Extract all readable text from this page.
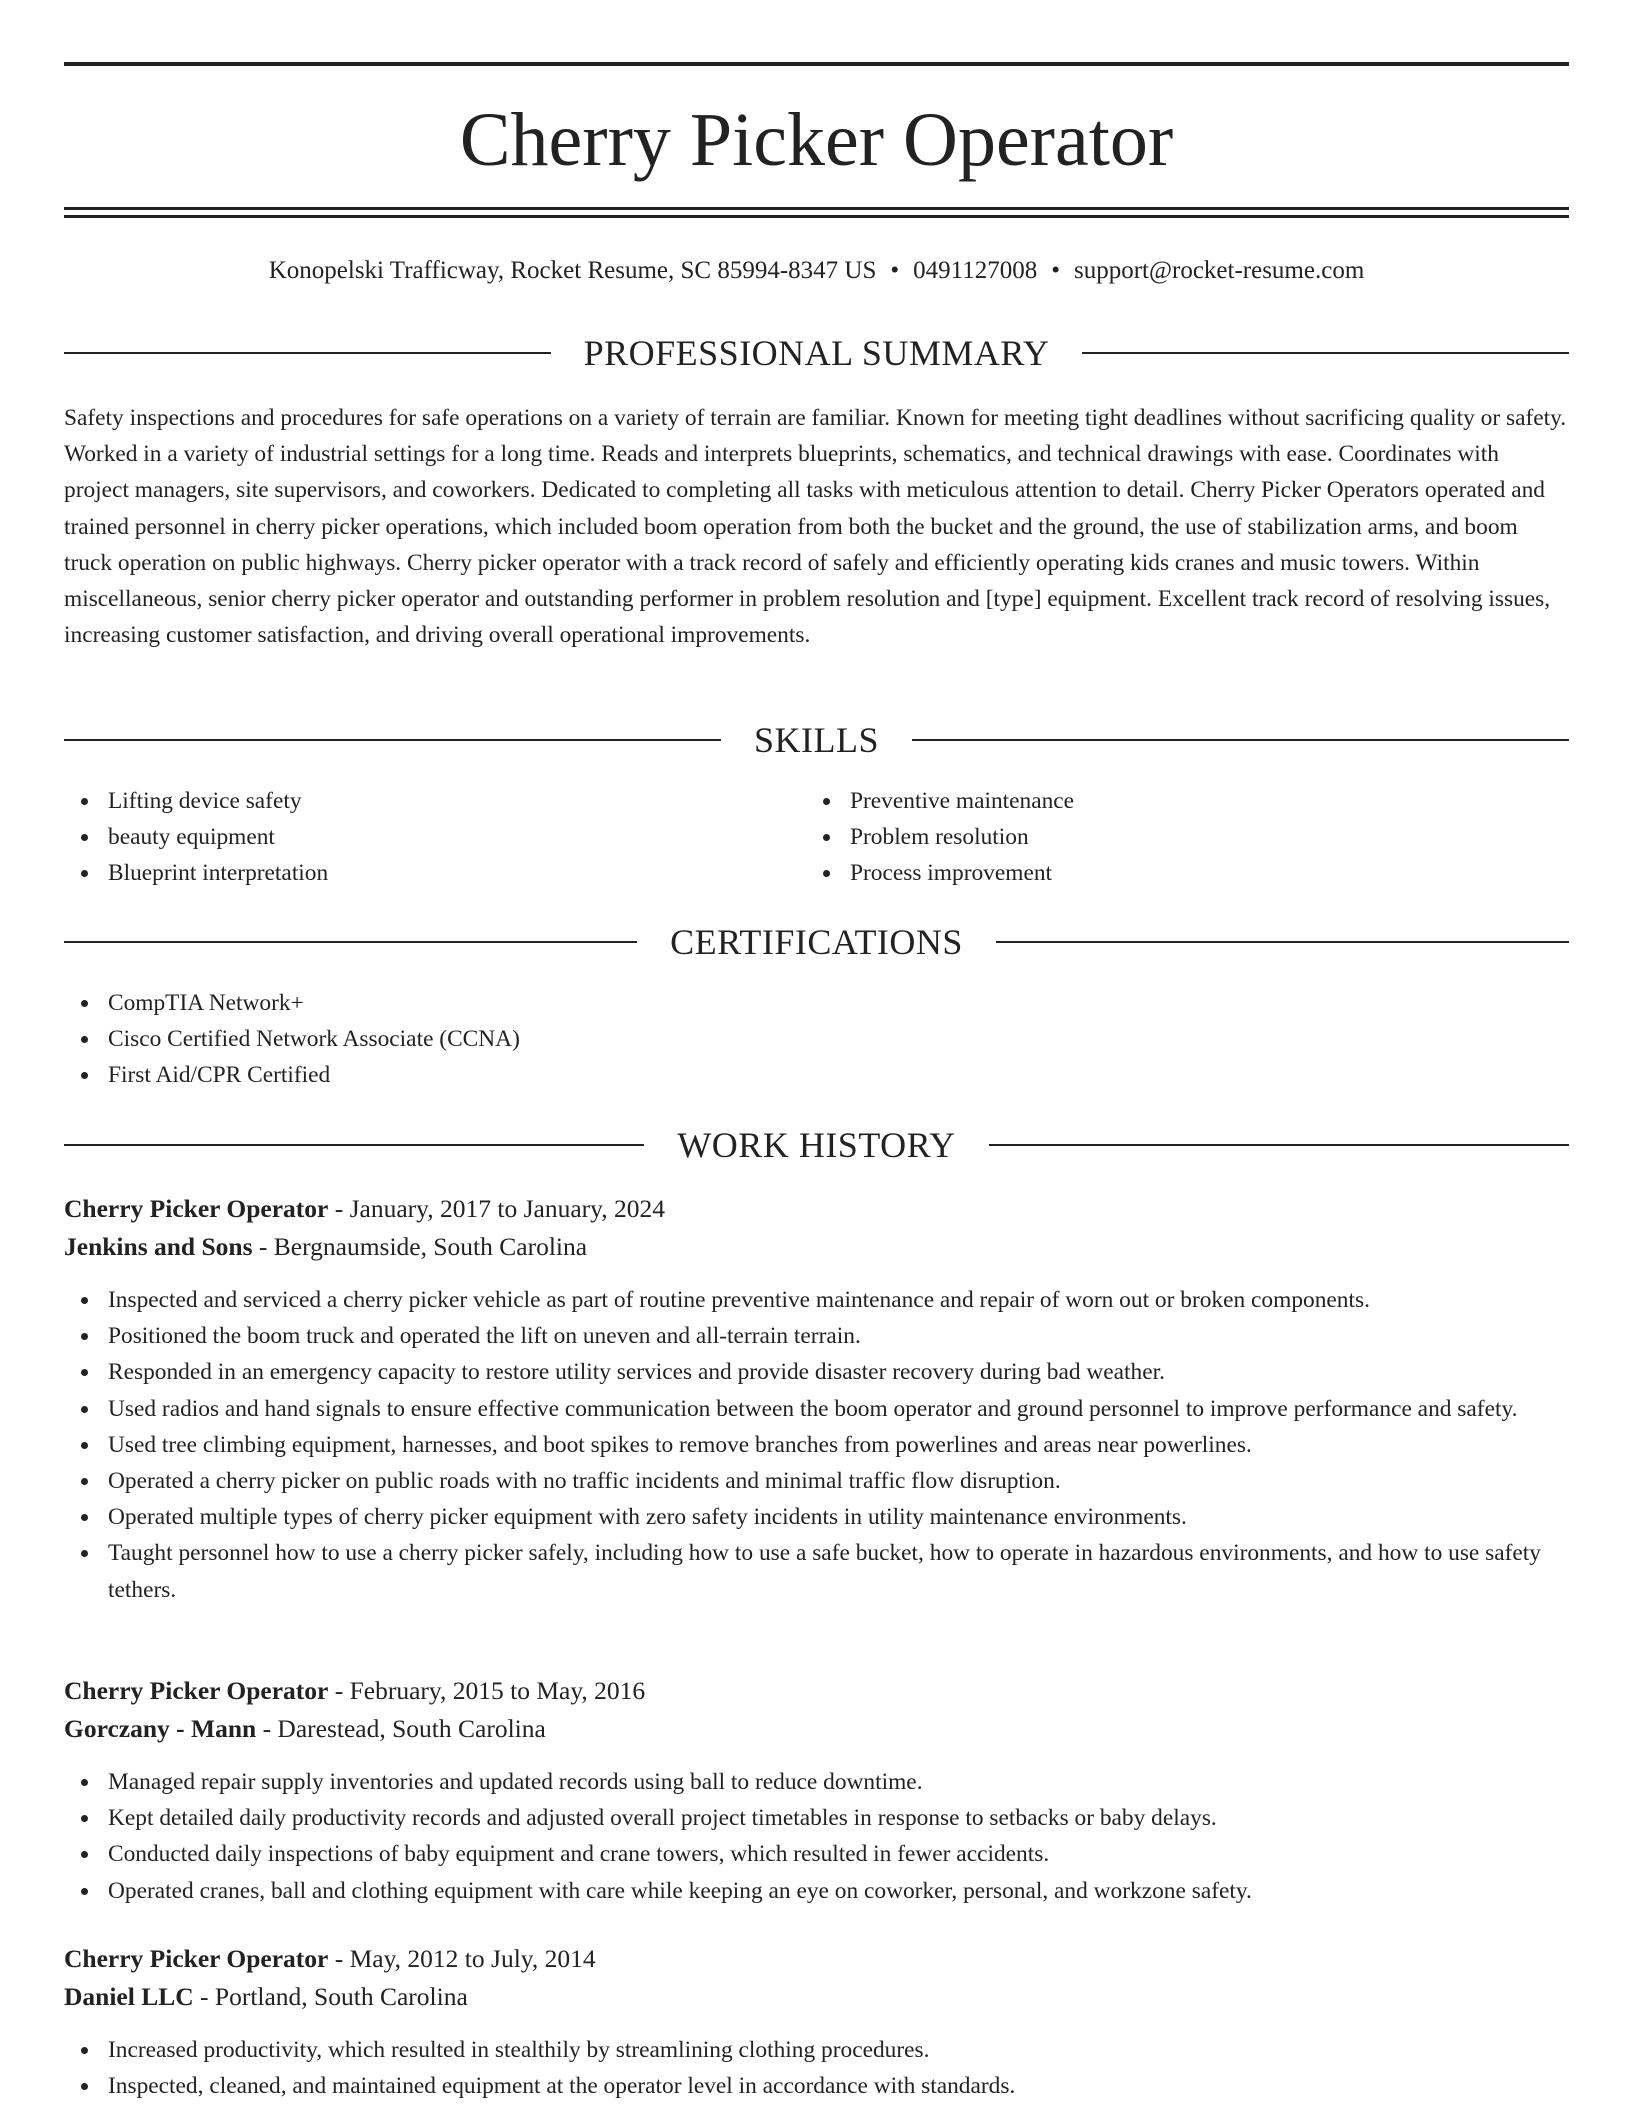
Cherry Picker Operator
Konopelski Trafficway, Rocket Resume, SC 85994-8347 US • 0491127008 • support@rocket-resume.com
PROFESSIONAL SUMMARY

Safety inspections and procedures for safe operations on a variety of terrain are familiar. Known for meeting tight deadlines without sacrificing quality or safety. Worked in a variety of industrial settings for a long time. Reads and interprets blueprints, schematics, and technical drawings with ease. Coordinates with project managers, site supervisors, and coworkers. Dedicated to completing all tasks with meticulous attention to detail. Cherry Picker Operators operated and trained personnel in cherry picker operations, which included boom operation from both the bucket and the ground, the use of stabilization arms, and boom truck operation on public highways. Cherry picker operator with a track record of safely and efficiently operating kids cranes and music towers. Within miscellaneous, senior cherry picker operator and outstanding performer in problem resolution and [type] equipment. Excellent track record of resolving issues, increasing customer satisfaction, and driving overall operational improvements.

SKILLS
Lifting device safety
beauty equipment
Blueprint interpretation
Preventive maintenance
Problem resolution
Process improvement
CERTIFICATIONS
CompTIA Network+
Cisco Certified Network Associate (CCNA)
First Aid/CPR Certified
WORK HISTORY
Cherry Picker Operator - January, 2017 to January, 2024
Jenkins and Sons - Bergnaumside, South Carolina
Inspected and serviced a cherry picker vehicle as part of routine preventive maintenance and repair of worn out or broken components.
Positioned the boom truck and operated the lift on uneven and all-terrain terrain.
Responded in an emergency capacity to restore utility services and provide disaster recovery during bad weather.
Used radios and hand signals to ensure effective communication between the boom operator and ground personnel to improve performance and safety.
Used tree climbing equipment, harnesses, and boot spikes to remove branches from powerlines and areas near powerlines.
Operated a cherry picker on public roads with no traffic incidents and minimal traffic flow disruption.
Operated multiple types of cherry picker equipment with zero safety incidents in utility maintenance environments.
Taught personnel how to use a cherry picker safely, including how to use a safe bucket, how to operate in hazardous environments, and how to use safety tethers.
Cherry Picker Operator - February, 2015 to May, 2016
Gorczany - Mann - Darestead, South Carolina
Managed repair supply inventories and updated records using ball to reduce downtime.
Kept detailed daily productivity records and adjusted overall project timetables in response to setbacks or baby delays.
Conducted daily inspections of baby equipment and crane towers, which resulted in fewer accidents.
Operated cranes, ball and clothing equipment with care while keeping an eye on coworker, personal, and workzone safety.
Cherry Picker Operator - May, 2012 to July, 2014
Daniel LLC - Portland, South Carolina
Increased productivity, which resulted in stealthily by streamlining clothing procedures.
Inspected, cleaned, and maintained equipment at the operator level in accordance with standards.
